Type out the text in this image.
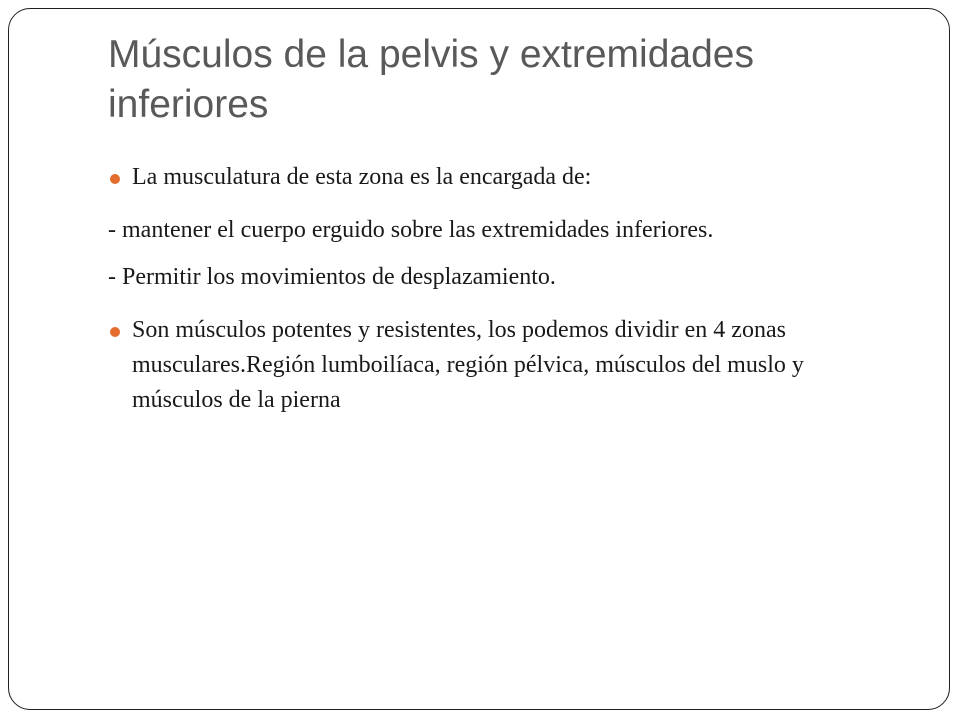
Músculos de la pelvis y extremidades inferiores
La musculatura de esta zona es la encargada de:
- mantener el cuerpo erguido sobre las extremidades inferiores.
- Permitir los movimientos de desplazamiento.
Son músculos potentes y resistentes, los podemos dividir en 4 zonas musculares.Región lumboilíaca, región pélvica, músculos del muslo y músculos de la pierna
